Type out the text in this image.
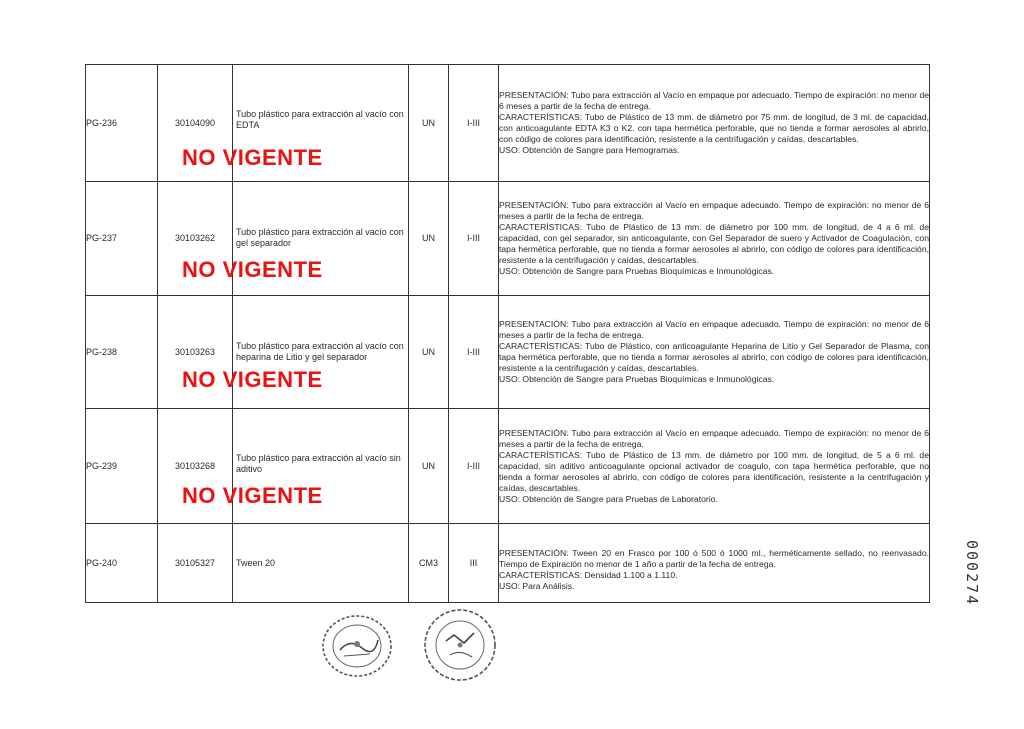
PG-236	30104090	Tubo plástico para extracción al vacío con EDTA	UN	I-III	PRESENTACIÓN: Tubo para extracción al Vacío en empaque por adecuado. Tiempo de expiración: no menor de 6 meses a partir de la fecha de entrega.

CARACTERÍSTICAS: Tubo de Plástico de 13 mm. de diámetro por 75 mm. de longitud, de 3 ml. de capacidad, con anticoagulante EDTA K3 o K2. con tapa hermética perforable, que no tienda a formar aerosoles al abrirlo, con código de colores para identificación, resistente a la centrifugación y caídas, descartables.

USO: Obtención de Sangre para Hemogramas.

PG-237	30103262	Tubo plástico para extracción al vacío con gel separador	UN	I-III	PRESENTACIÓN: Tubo para extracción al Vacío en empaque adecuado. Tiempo de expiración: no menor de 6 meses a partir de la fecha de entrega.

CARACTERÍSTICAS: Tubo de Plástico de 13 mm. de diámetro por 100 mm. de longitud, de 4 a 6 ml. de capacidad, con gel separador, sin anticoagulante, con Gel Separador de suero y Activador de Coagulación, con tapa hermética perforable, que no tienda a formar aerosoles al abrirlo, con código de colores para identificación, resistente a la centrifugación y caídas, descartables.

USO: Obtención de Sangre para Pruebas Bioquímicas e Inmunológicas.

PG-238	30103263	Tubo plástico para extracción al vacío con heparina de Litio y gel separador	UN	I-III	PRESENTACIÓN: Tubo para extracción al Vacío en empaque adecuado. Tiempo de expiración: no menor de 6 meses a partir de la fecha de entrega.

CARACTERÍSTICAS: Tubo de Plástico, con anticoagulante Heparina de Litio y Gel Separador de Plasma, con tapa hermética perforable, que no tienda a formar aerosoles al abrirlo, con código de colores para identificación, resistente a la centrifugación y caídas, descartables.

USO: Obtención de Sangre para Pruebas Bioquímicas e Inmunológicas.

PG-239	30103268	Tubo plástico para extracción al vacío sin aditivo	UN	I-III	PRESENTACIÓN: Tubo para extracción al Vacío en empaque adecuado. Tiempo de expiración: no menor de 6 meses a partir de la fecha de entrega.

CARACTERÍSTICAS: Tubo de Plástico de 13 mm. de diámetro por 100 mm. de longitud, de 5 a 6 ml. de capacidad, sin aditivo anticoagulante opcional activador de coagulo, con tapa hermética perforable, que no tienda a formar aerosoles al abrirlo, con código de colores para identificación, resistente a la centrifugación y caídas, descartables.

USO: Obtención de Sangre para Pruebas de Laboratorio.

PG-240	30105327	Tween 20	CM3	III	PRESENTACIÓN: Tween 20 en Frasco por 100 ó 500 ó 1000 ml., herméticamente sellado, no reenvasado. Tiempo de Expiración no menor de 1 año a partir de la fecha de entrega.

CARACTERÍSTICAS: Densidad 1.100 a 1.110.

USO: Para Análisis.

NO VIGENTE
NO VIGENTE
NO VIGENTE
NO VIGENTE
000274
